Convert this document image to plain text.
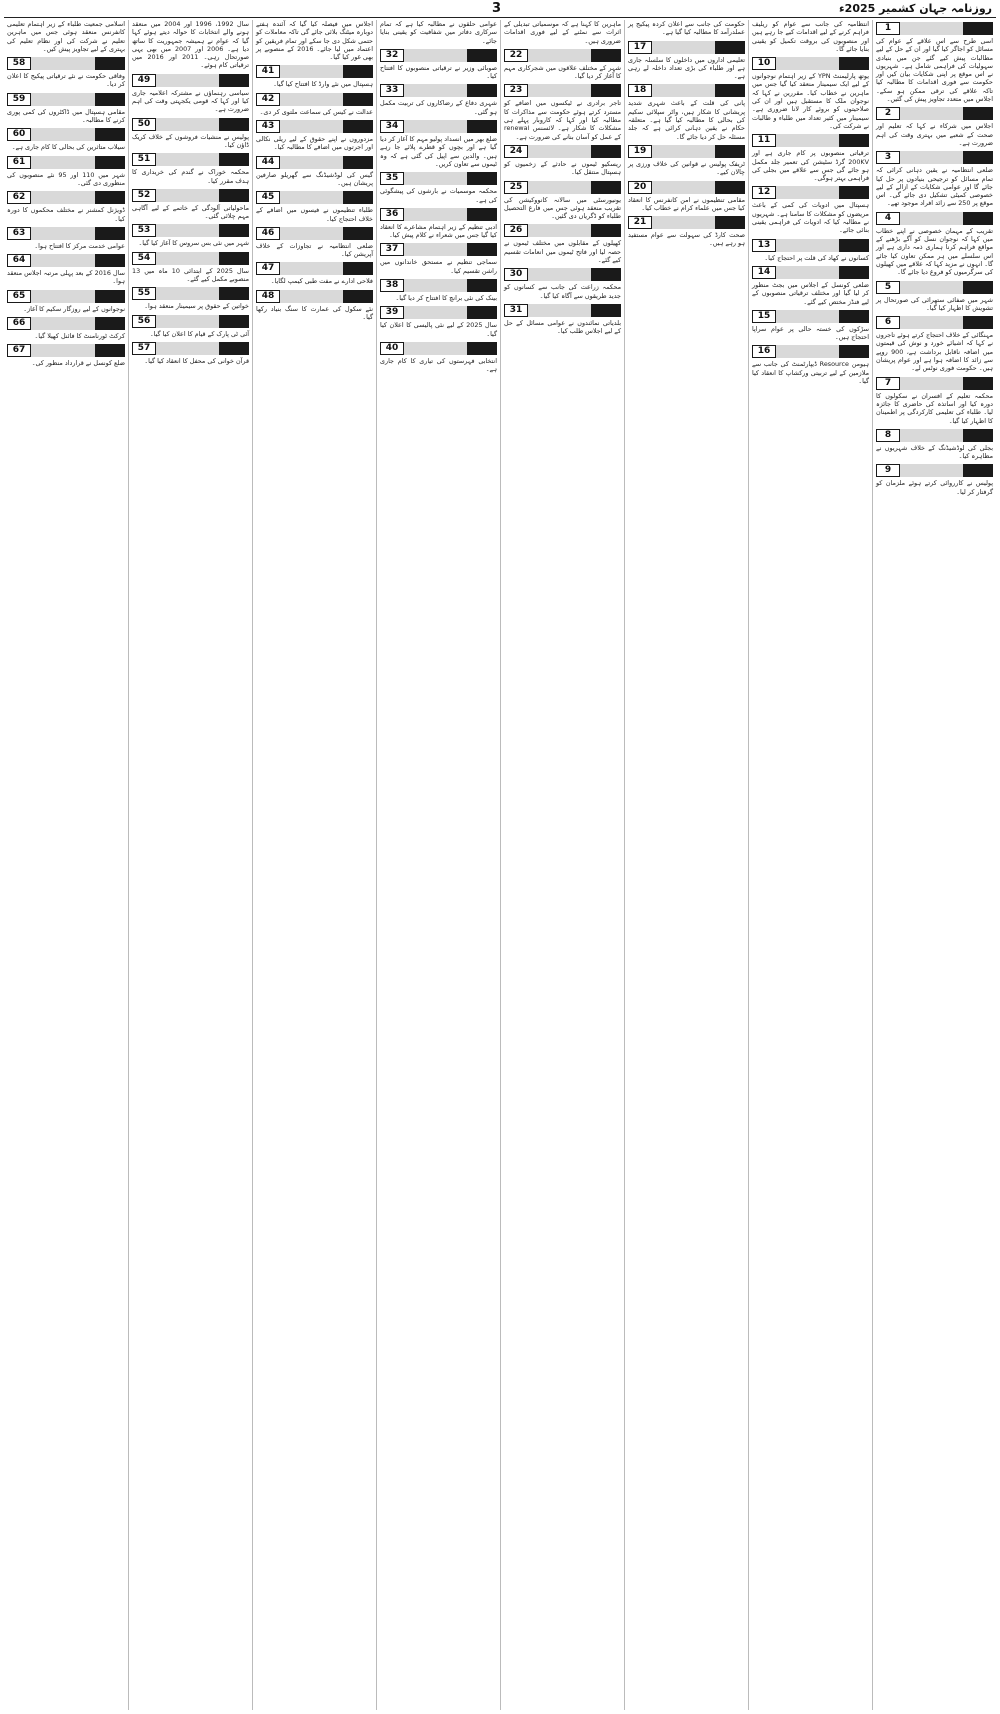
روزنامہ جہان کشمیر 2025ء
3
1
اسی طرح سے اس علاقے کے عوام کی مسائل کو اجاگر کیا گیا اور ان کے حل کے لیے مطالبات پیش کیے گئے جن میں بنیادی سہولیات کی فراہمی شامل ہے۔ شہریوں نے اس موقع پر اپنی شکایات بیان کیں اور حکومت سے فوری اقدامات کا مطالبہ کیا تاکہ علاقے کی ترقی ممکن ہو سکے۔ اجلاس میں متعدد تجاویز پیش کی گئیں۔
2
اجلاس میں شرکاء نے کہا کہ تعلیم اور صحت کے شعبے میں بہتری وقت کی اہم ضرورت ہے۔
3
ضلعی انتظامیہ نے یقین دہانی کرائی کہ تمام مسائل کو ترجیحی بنیادوں پر حل کیا جائے گا اور عوامی شکایات کے ازالے کے لیے خصوصی کمیٹی تشکیل دی جائے گی۔ اس موقع پر 250 سے زائد افراد موجود تھے۔
4
تقریب کے مہمان خصوصی نے اپنے خطاب میں کہا کہ نوجوان نسل کو آگے بڑھنے کے مواقع فراہم کرنا ہماری ذمہ داری ہے اور اس سلسلے میں ہر ممکن تعاون کیا جائے گا۔ انہوں نے مزید کہا کہ علاقے میں کھیلوں کی سرگرمیوں کو فروغ دیا جائے گا۔
5
شہر میں صفائی ستھرائی کی صورتحال پر تشویش کا اظہار کیا گیا۔
6
مہنگائی کے خلاف احتجاج کرتے ہوئے تاجروں نے کہا کہ اشیائے خورد و نوش کی قیمتوں میں اضافہ ناقابل برداشت ہے، 900 روپے سے زائد کا اضافہ ہوا ہے اور عوام پریشان ہیں۔ حکومت فوری نوٹس لے۔
7
محکمہ تعلیم کے افسران نے سکولوں کا دورہ کیا اور اساتذہ کی حاضری کا جائزہ لیا۔ طلباء کی تعلیمی کارکردگی پر اطمینان کا اظہار کیا گیا۔
8
بجلی کی لوڈشیڈنگ کے خلاف شہریوں نے مظاہرہ کیا۔
9
پولیس نے کارروائی کرتے ہوئے ملزمان کو گرفتار کر لیا۔
انتظامیہ کی جانب سے عوام کو ریلیف فراہم کرنے کے لیے اقدامات کیے جا رہے ہیں اور منصوبوں کی بروقت تکمیل کو یقینی بنایا جائے گا۔
10
یوتھ پارلیمنٹ YPN کے زیر اہتمام نوجوانوں کے لیے ایک سیمینار منعقد کیا گیا جس میں ماہرین نے خطاب کیا۔ مقررین نے کہا کہ نوجوان ملک کا مستقبل ہیں اور ان کی صلاحیتوں کو بروئے کار لانا ضروری ہے۔ سیمینار میں کثیر تعداد میں طلباء و طالبات نے شرکت کی۔
11
ترقیاتی منصوبوں پر کام جاری ہے اور 200KV گرڈ سٹیشن کی تعمیر جلد مکمل ہو جائے گی جس سے علاقے میں بجلی کی فراہمی بہتر ہوگی۔
12
ہسپتال میں ادویات کی کمی کے باعث مریضوں کو مشکلات کا سامنا ہے۔ شہریوں نے مطالبہ کیا کہ ادویات کی فراہمی یقینی بنائی جائے۔
13
کسانوں نے کھاد کی قلت پر احتجاج کیا۔
14
ضلعی کونسل کے اجلاس میں بجٹ منظور کر لیا گیا اور مختلف ترقیاتی منصوبوں کے لیے فنڈز مختص کیے گئے۔
15
سڑکوں کی خستہ حالی پر عوام سراپا احتجاج ہیں۔
16
ہیومن Resource ڈیپارٹمنٹ کی جانب سے ملازمین کے لیے تربیتی ورکشاپ کا انعقاد کیا گیا۔
حکومت کی جانب سے اعلان کردہ پیکیج پر عملدرآمد کا مطالبہ کیا گیا ہے۔
17
تعلیمی اداروں میں داخلوں کا سلسلہ جاری ہے اور طلباء کی بڑی تعداد داخلہ لے رہی ہے۔
18
پانی کی قلت کے باعث شہری شدید پریشانی کا شکار ہیں، واٹر سپلائی سکیم کی بحالی کا مطالبہ کیا گیا ہے۔ متعلقہ حکام نے یقین دہانی کرائی ہے کہ جلد مسئلہ حل کر دیا جائے گا۔
19
ٹریفک پولیس نے قوانین کی خلاف ورزی پر چالان کیے۔
20
مقامی تنظیموں نے امن کانفرنس کا انعقاد کیا جس میں علماء کرام نے خطاب کیا۔
21
صحت کارڈ کی سہولت سے عوام مستفید ہو رہے ہیں۔
ماہرین کا کہنا ہے کہ موسمیاتی تبدیلی کے اثرات سے نمٹنے کے لیے فوری اقدامات ضروری ہیں۔
22
شہر کے مختلف علاقوں میں شجرکاری مہم کا آغاز کر دیا گیا۔
23
تاجر برادری نے ٹیکسوں میں اضافے کو مسترد کرتے ہوئے حکومت سے مذاکرات کا مطالبہ کیا اور کہا کہ کاروبار پہلے ہی مشکلات کا شکار ہے۔ لائسنس renewal کے عمل کو آسان بنانے کی ضرورت ہے۔
24
ریسکیو ٹیموں نے حادثے کے زخمیوں کو ہسپتال منتقل کیا۔
25
یونیورسٹی میں سالانہ کانووکیشن کی تقریب منعقد ہوئی جس میں فارغ التحصیل طلباء کو ڈگریاں دی گئیں۔
26
کھیلوں کے مقابلوں میں مختلف ٹیموں نے حصہ لیا اور فاتح ٹیموں میں انعامات تقسیم کیے گئے۔
30
محکمہ زراعت کی جانب سے کسانوں کو جدید طریقوں سے آگاہ کیا گیا۔
31
بلدیاتی نمائندوں نے عوامی مسائل کے حل کے لیے اجلاس طلب کیا۔
عوامی حلقوں نے مطالبہ کیا ہے کہ تمام سرکاری دفاتر میں شفافیت کو یقینی بنایا جائے۔
32
صوبائی وزیر نے ترقیاتی منصوبوں کا افتتاح کیا۔
33
شہری دفاع کے رضاکاروں کی تربیت مکمل ہو گئی۔
34
ضلع بھر میں انسداد پولیو مہم کا آغاز کر دیا گیا ہے اور بچوں کو قطرے پلائے جا رہے ہیں۔ والدین سے اپیل کی گئی ہے کہ وہ ٹیموں سے تعاون کریں۔
35
محکمہ موسمیات نے بارشوں کی پیشگوئی کی ہے۔
36
ادبی تنظیم کے زیر اہتمام مشاعرے کا انعقاد کیا گیا جس میں شعراء نے کلام پیش کیا۔
37
سماجی تنظیم نے مستحق خاندانوں میں راشن تقسیم کیا۔
38
بینک کی نئی برانچ کا افتتاح کر دیا گیا۔
39
سال 2025 کے لیے نئی پالیسی کا اعلان کیا گیا۔
40
انتخابی فہرستوں کی تیاری کا کام جاری ہے۔
اجلاس میں فیصلہ کیا گیا کہ آئندہ ہفتے دوبارہ میٹنگ بلائی جائے گی تاکہ معاملات کو حتمی شکل دی جا سکے اور تمام فریقین کو اعتماد میں لیا جائے۔ 2016 کے منصوبے پر بھی غور کیا گیا۔
41
ہسپتال میں نئے وارڈ کا افتتاح کیا گیا۔
42
عدالت نے کیس کی سماعت ملتوی کر دی۔
43
مزدوروں نے اپنے حقوق کے لیے ریلی نکالی اور اجرتوں میں اضافے کا مطالبہ کیا۔
44
گیس کی لوڈشیڈنگ سے گھریلو صارفین پریشان ہیں۔
45
طلباء تنظیموں نے فیسوں میں اضافے کے خلاف احتجاج کیا۔
46
ضلعی انتظامیہ نے تجاوزات کے خلاف آپریشن کیا۔
47
فلاحی ادارے نے مفت طبی کیمپ لگایا۔
48
نئے سکول کی عمارت کا سنگ بنیاد رکھا گیا۔
سال 1992، 1996 اور 2004 میں منعقد ہونے والے انتخابات کا حوالہ دیتے ہوئے کہا گیا کہ عوام نے ہمیشہ جمہوریت کا ساتھ دیا ہے۔ 2006 اور 2007 میں بھی یہی صورتحال رہی۔ 2011 اور 2016 میں ترقیاتی کام ہوئے۔
49
سیاسی رہنماؤں نے مشترکہ اعلامیہ جاری کیا اور کہا کہ قومی یکجہتی وقت کی اہم ضرورت ہے۔
50
پولیس نے منشیات فروشوں کے خلاف کریک ڈاؤن کیا۔
51
محکمہ خوراک نے گندم کی خریداری کا ہدف مقرر کیا۔
52
ماحولیاتی آلودگی کے خاتمے کے لیے آگاہی مہم چلائی گئی۔
53
شہر میں نئی بس سروس کا آغاز کیا گیا۔
54
سال 2025 کے ابتدائی 10 ماہ میں 13 منصوبے مکمل کیے گئے۔
55
خواتین کے حقوق پر سیمینار منعقد ہوا۔
56
آئی ٹی پارک کے قیام کا اعلان کیا گیا۔
57
قرآن خوانی کی محفل کا انعقاد کیا گیا۔
اسلامی جمعیت طلباء کے زیر اہتمام تعلیمی کانفرنس منعقد ہوئی جس میں ماہرین تعلیم نے شرکت کی اور نظام تعلیم کی بہتری کے لیے تجاویز پیش کیں۔
58
وفاقی حکومت نے نئے ترقیاتی پیکیج کا اعلان کر دیا۔
59
مقامی ہسپتال میں ڈاکٹروں کی کمی پوری کرنے کا مطالبہ۔
60
سیلاب متاثرین کی بحالی کا کام جاری ہے۔
61
شہر میں 110 اور 95 نئے منصوبوں کی منظوری دی گئی۔
62
ڈویژنل کمشنر نے مختلف محکموں کا دورہ کیا۔
63
عوامی خدمت مرکز کا افتتاح ہوا۔
64
سال 2016 کے بعد پہلی مرتبہ اجلاس منعقد ہوا۔
65
نوجوانوں کے لیے روزگار سکیم کا آغاز۔
66
کرکٹ ٹورنامنٹ کا فائنل کھیلا گیا۔
67
ضلع کونسل نے قرارداد منظور کی۔
